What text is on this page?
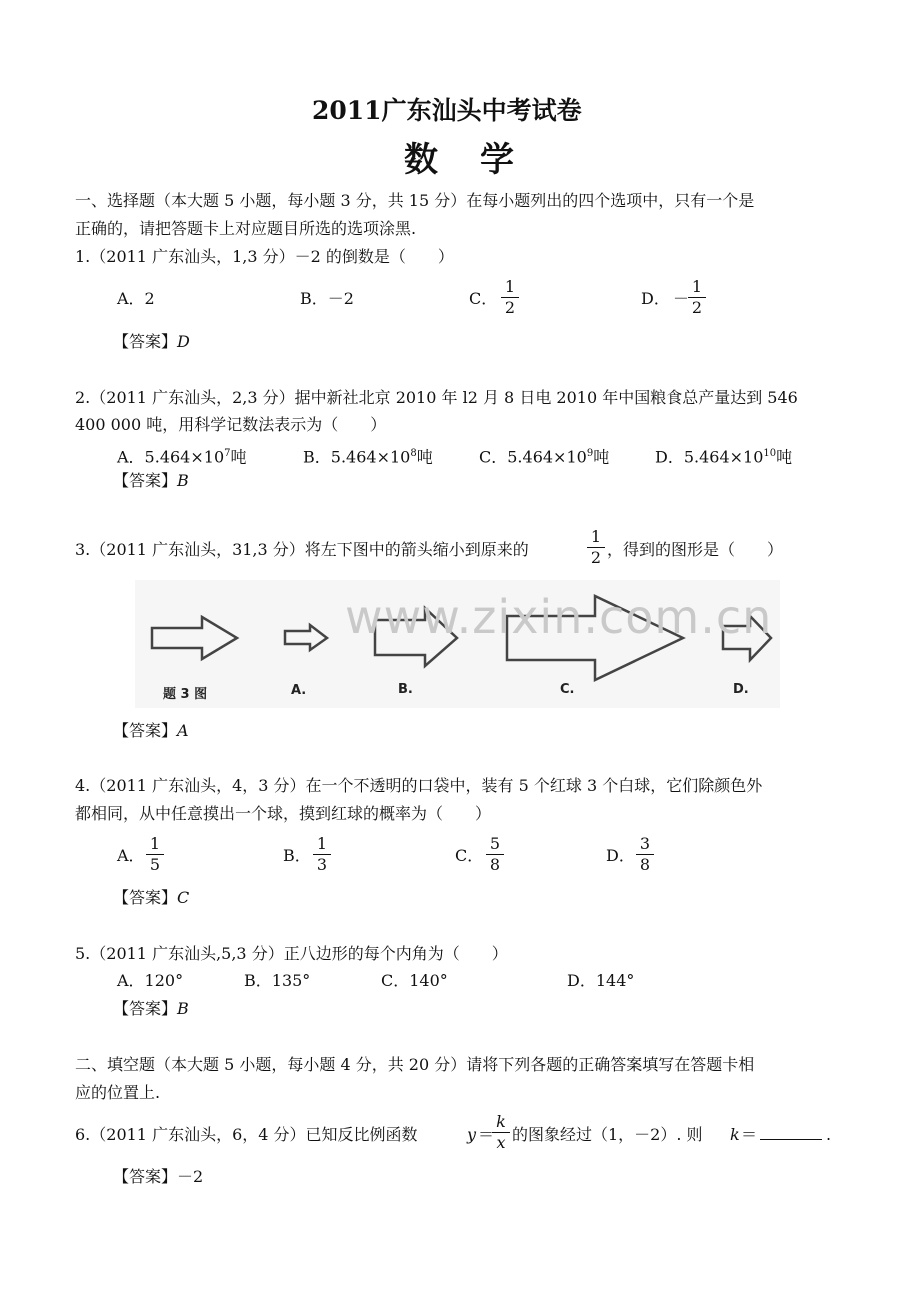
2011广东汕头中考试卷
数学
一、选择题（本大题 5 小题，每小题 3 分，共 15 分）在每小题列出的四个选项中，只有一个是
正确的，请把答题卡上对应题目所选的选项涂黑.
1.（2011 广东汕头，1,3 分）－2 的倒数是（　　）
A．2	B．－2	C．
1
2	D． －
1
2
【答案】D
2.（2011 广东汕头，2,3 分）据中新社北京 2010 年 l2 月 8 日电 2010 年中国粮食总产量达到 546
400 000 吨，用科学记数法表示为（　　）
A．$5.464\times 10^7$吨	B．$5.464\times 10^8$吨	C．$5.464\times 10^9$吨	D．$5.464\times 10^{10}$吨
【答案】B
3.（2011 广东汕头，31,3 分）将左下图中的箭头缩小到原来的
1
2 ，得到的图形是（　　）
www.zixin.com.cn
题 3 图	A.	B.	C.	D.
【答案】A
4.（2011 广东汕头，4，3 分）在一个不透明的口袋中，装有 5 个红球 3 个白球，它们除颜色外
都相同，从中任意摸出一个球，摸到红球的概率为（　　）
A．
1
5	B．
1
3	C．
5
8	D．
3
8
【答案】C
5.（2011 广东汕头,5,3 分）正八边形的每个内角为（　　）
A．120°	B．135°	C．140°	D．144°
【答案】B
二、填空题（本大题 5 小题，每小题 4 分，共 20 分）请将下列各题的正确答案填写在答题卡相
应的位置上.
6.（2011 广东汕头，6，4 分）已知反比例函数	y ＝
k
x 的图象经过（1，－2）. 则 k ＝	.
【答案】－2
